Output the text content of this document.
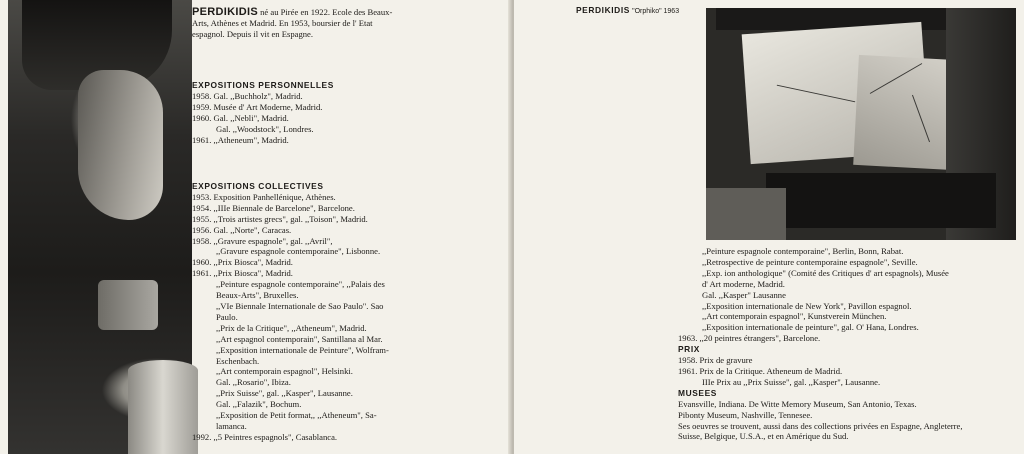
PERDIKIDIS né au Pirée en 1922. Ecole des Beaux-
Arts, Athènes et Madrid. En 1953, boursier de l' Etat
espagnol. Depuis il vit en Espagne.
EXPOSITIONS PERSONNELLES
1958. Gal. ,,Buchholz", Madrid.
1959. Musée d' Art Moderne, Madrid.
1960. Gal. ,,Nebli", Madrid.
Gal. ,,Woodstock", Londres.
1961. ,,Atheneum", Madrid.
EXPOSITIONS COLLECTIVES
1953. Exposition Panhellénique, Athènes.
1954. ,,IIIe Biennale de Barcelone", Barcelone.
1955. ,,Trois artistes grecs", gal. ,,Toison", Madrid.
1956. Gal. ,,Norte", Caracas.
1958. ,,Gravure espagnole", gal. ,,Avril",
,,Gravure espagnole contemporaine", Lisbonne.
1960. ,,Prix Biosca", Madrid.
1961. ,,Prix Biosca", Madrid.
,,Peinture espagnole contemporaine", ,,Palais des
Beaux-Arts", Bruxelles.
,,VIe Biennale Internationale de Sao Paulo". Sao
Paulo.
,,Prix de la Critique", ,,Atheneum", Madrid.
,,Art espagnol contemporain", Santillana al Mar.
,,Exposition internationale de Peinture", Wolfram-
Eschenbach.
,,Art contemporain espagnol", Helsinki.
Gal. ,,Rosario", Ibiza.
,,Prix Suisse", gal. ,,Kasper", Lausanne.
Gal. ,,Falazik", Bochum.
,,Exposition de Petit format,, ,,Atheneum", Sa-
lamanca.
1992. ,,5 Peintres espagnols", Casablanca.
PERDIKIDIS "Orphiko" 1963
,,Peinture espagnole contemporaine", Berlin, Bonn, Rabat.
,,Retrospective de peinture contemporaine espagnole", Seville.
,,Exp. ion anthologique" (Comité des Critiques d' art espagnols), Musée
d' Art moderne, Madrid.
Gal. ,,Kasper" Lausanne
,,Exposition internationale de New York", Pavillon espagnol.
,,Art contemporain espagnol", Kunstverein München.
,,Exposition internationale de peinture", gal. O' Hana, Londres.
1963. ,,20 peintres étrangers", Barcelone.
PRIX
1958. Prix de gravure
1961. Prix de la Critique. Atheneum de Madrid.
IIIe Prix au ,,Prix Suisse", gal. ,,Kasper", Lausanne.
MUSEES
Evansville, Indiana. De Witte Memory Museum, San Antonio, Texas.
Pibonty Museum, Nashville, Tennesee.
Ses oeuvres se trouvent, aussi dans des collections privées en Espagne, Angleterre,
Suisse, Belgique, U.S.A., et en Amérique du Sud.
